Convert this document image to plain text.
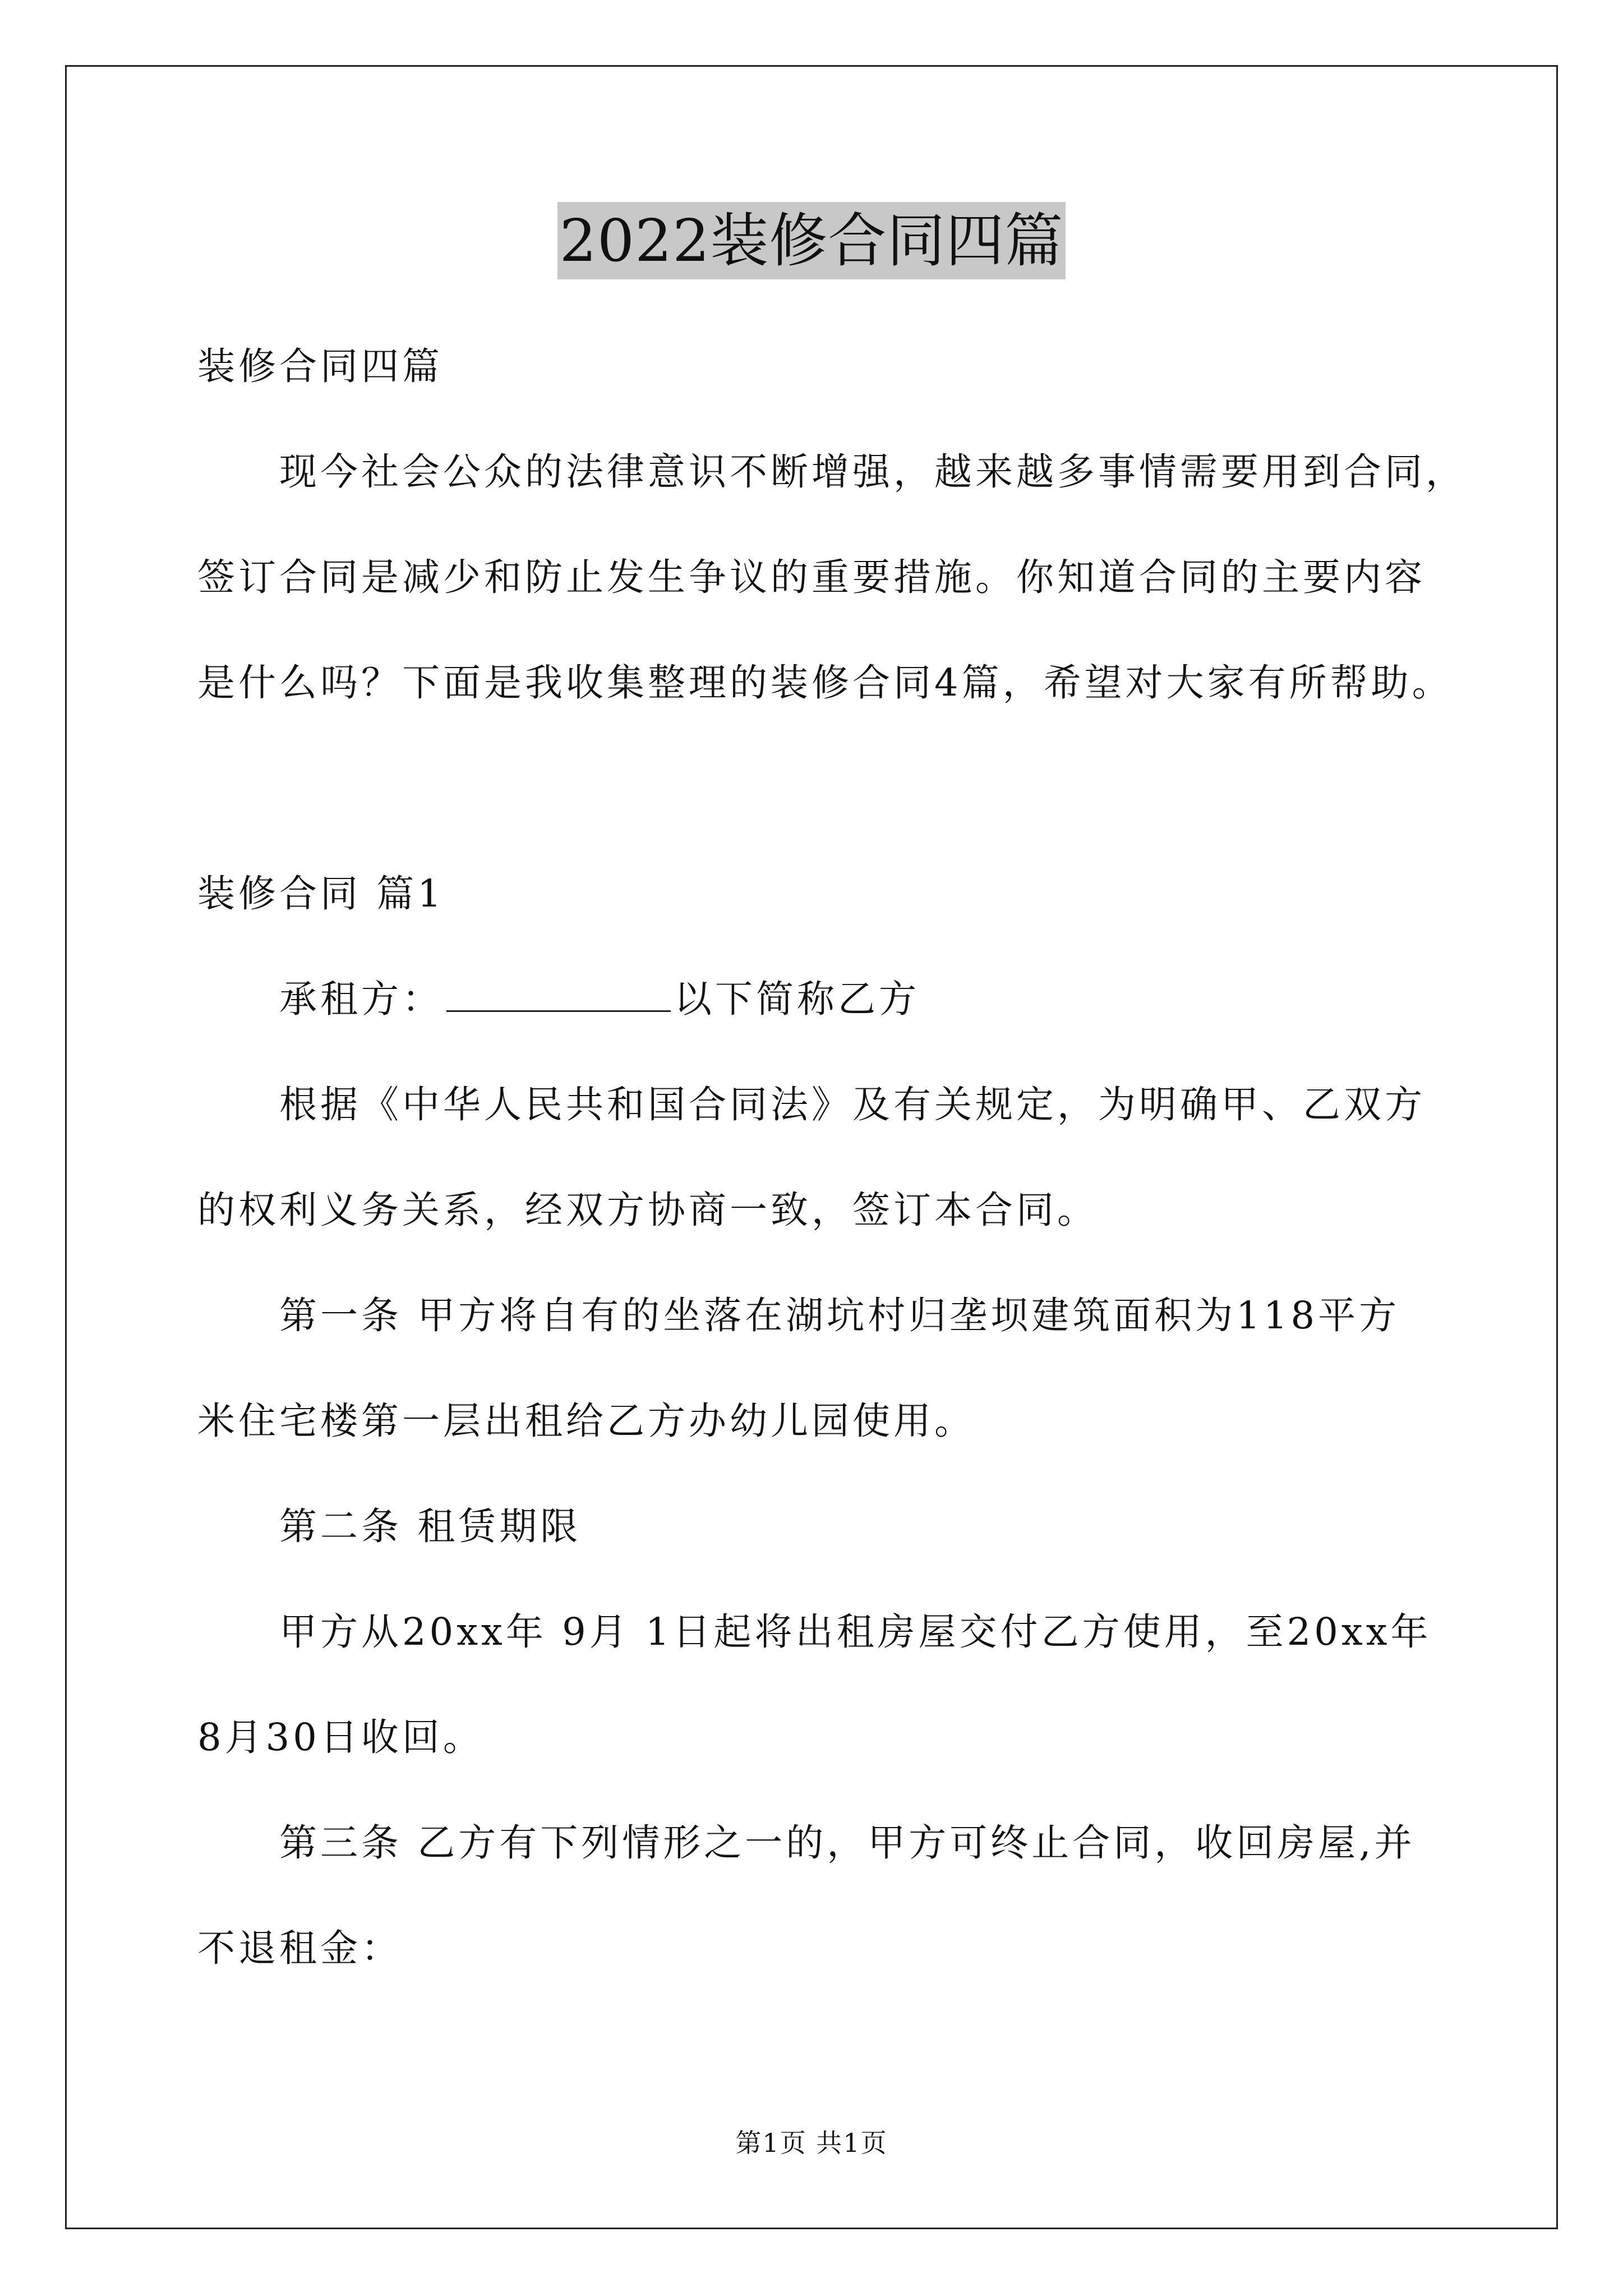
2022装修合同四篇
装修合同四篇
现今社会公众的法律意识不断增强，越来越多事情需要用到合同，
签订合同是减少和防止发生争议的重要措施。你知道合同的主要内容
是什么吗？下面是我收集整理的装修合同4篇，希望对大家有所帮助。
装修合同 篇1
承租方：	以下简称乙方
根据《中华人民共和国合同法》及有关规定，为明确甲、乙双方
的权利义务关系，经双方协商一致，签订本合同。
第一条 甲方将自有的坐落在湖坑村归垄坝建筑面积为118平方
米住宅楼第一层出租给乙方办幼儿园使用。
第二条 租赁期限
甲方从20xx年 9月 1日起将出租房屋交付乙方使用，至20xx年
8月30日收回。
第三条 乙方有下列情形之一的，甲方可终止合同，收回房屋,并
不退租金：
第1页 共1页
